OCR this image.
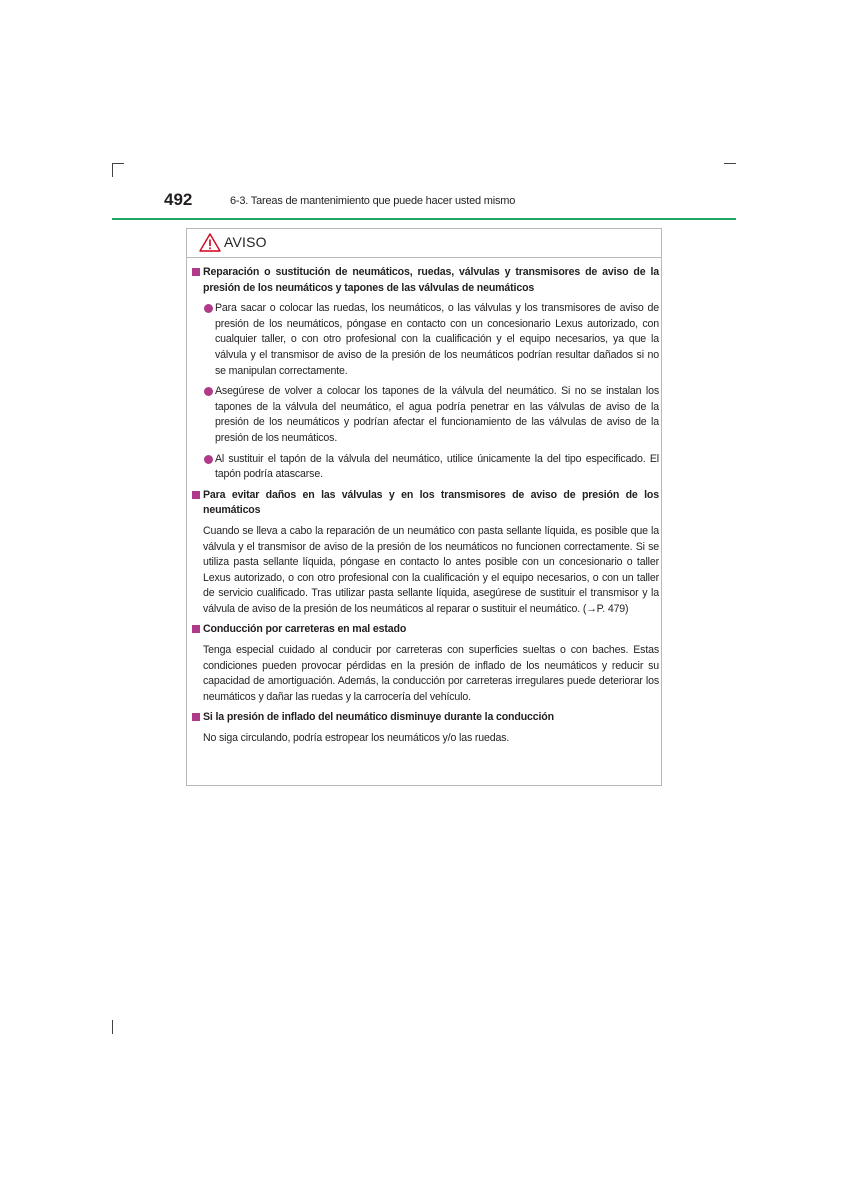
492	6-3. Tareas de mantenimiento que puede hacer usted mismo
AVISO
Reparación o sustitución de neumáticos, ruedas, válvulas y transmisores de aviso de la presión de los neumáticos y tapones de las válvulas de neumáticos
Para sacar o colocar las ruedas, los neumáticos, o las válvulas y los transmisores de aviso de presión de los neumáticos, póngase en contacto con un concesionario Lexus autorizado, con cualquier taller, o con otro profesional con la cualificación y el equipo necesarios, ya que la válvula y el transmisor de aviso de la presión de los neumáticos podrían resultar dañados si no se manipulan correctamente.
Asegúrese de volver a colocar los tapones de la válvula del neumático. Si no se instalan los tapones de la válvula del neumático, el agua podría penetrar en las válvulas de aviso de la presión de los neumáticos y podrían afectar el funcionamiento de las válvulas de aviso de la presión de los neumáticos.
Al sustituir el tapón de la válvula del neumático, utilice únicamente la del tipo especificado. El tapón podría atascarse.
Para evitar daños en las válvulas y en los transmisores de aviso de presión de los neumáticos
Cuando se lleva a cabo la reparación de un neumático con pasta sellante líquida, es posible que la válvula y el transmisor de aviso de la presión de los neumáticos no funcionen correctamente. Si se utiliza pasta sellante líquida, póngase en contacto lo antes posible con un concesionario o taller Lexus autorizado, o con otro profesional con la cualificación y el equipo necesarios, o con un taller de servicio cualificado. Tras utilizar pasta sellante líquida, asegúrese de sustituir el transmisor y la válvula de aviso de la presión de los neumáticos al reparar o sustituir el neumático. (→P. 479)
Conducción por carreteras en mal estado
Tenga especial cuidado al conducir por carreteras con superficies sueltas o con baches. Estas condiciones pueden provocar pérdidas en la presión de inflado de los neumáticos y reducir su capacidad de amortiguación. Además, la conducción por carreteras irregulares puede deteriorar los neumáticos y dañar las ruedas y la carrocería del vehículo.
Si la presión de inflado del neumático disminuye durante la conducción
No siga circulando, podría estropear los neumáticos y/o las ruedas.
